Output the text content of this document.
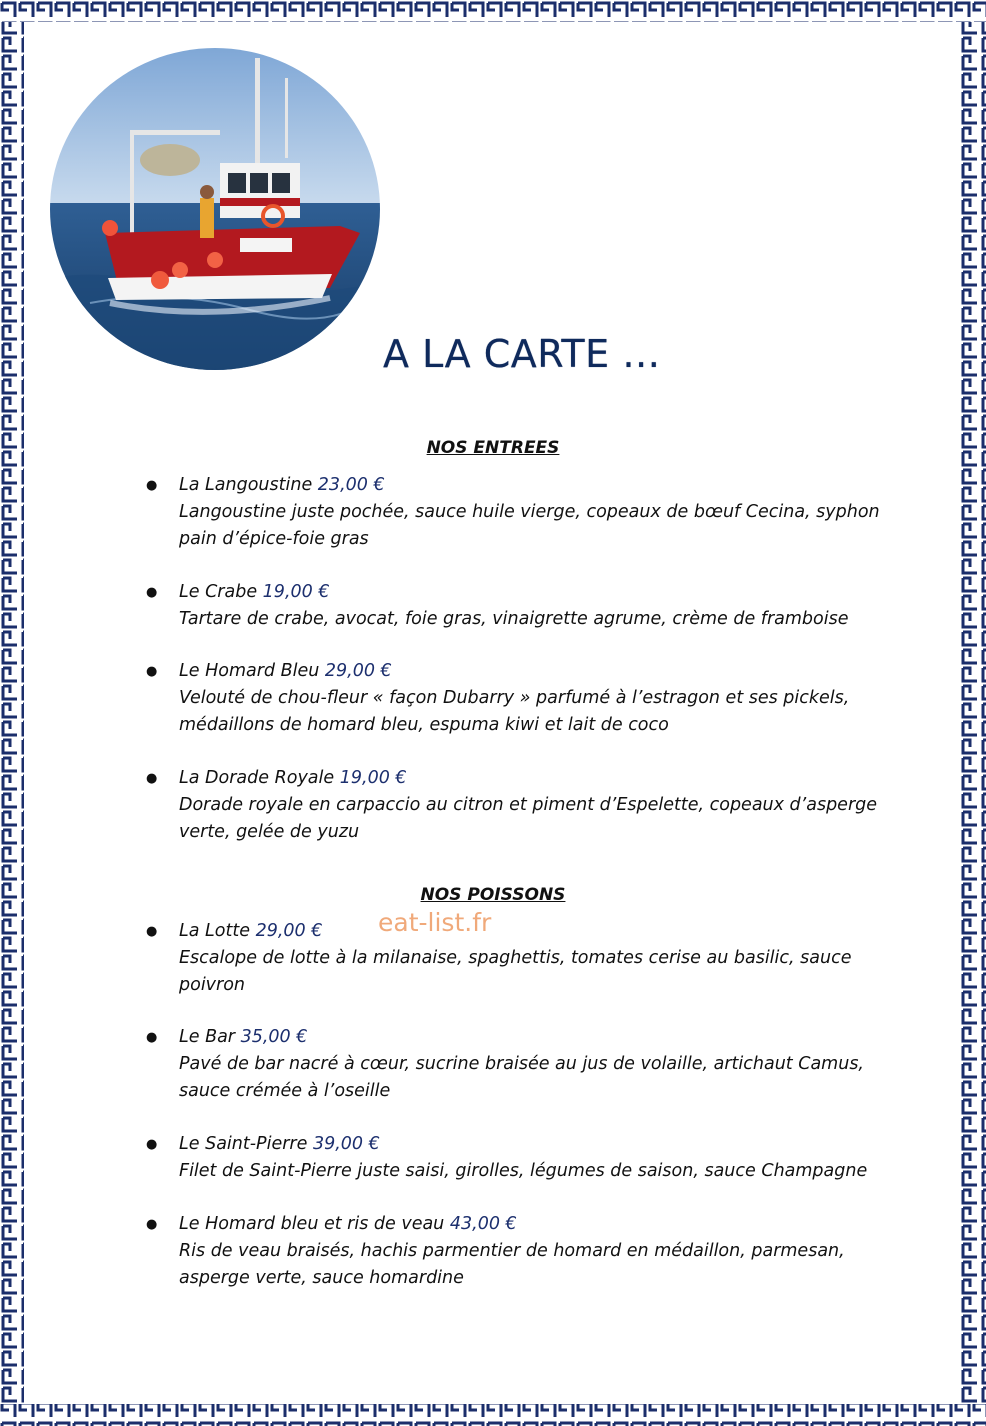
A LA CARTE …
NOS ENTREES
● La Langoustine 23,00 €
Langoustine juste pochée, sauce huile vierge, copeaux de bœuf Cecina, syphon pain d’épice-foie gras
● Le Crabe 19,00 €
Tartare de crabe, avocat, foie gras, vinaigrette agrume, crème de framboise
● Le Homard Bleu 29,00 €
Velouté de chou-fleur « façon Dubarry » parfumé à l’estragon et ses pickels, médaillons de homard bleu, espuma kiwi et lait de coco
● La Dorade Royale 19,00 €
Dorade royale en carpaccio au citron et piment d’Espelette, copeaux d’asperge verte, gelée de yuzu
NOS POISSONS
eat-list.fr
● La Lotte 29,00 €
Escalope de lotte à la milanaise, spaghettis, tomates cerise au basilic, sauce poivron
● Le Bar 35,00 €
Pavé de bar nacré à cœur, sucrine braisée au jus de volaille, artichaut Camus, sauce crémée à l’oseille
● Le Saint-Pierre 39,00 €
Filet de Saint-Pierre juste saisi, girolles, légumes de saison, sauce Champagne
● Le Homard bleu et ris de veau 43,00 €
Ris de veau braisés, hachis parmentier de homard en médaillon, parmesan, asperge verte, sauce homardine
